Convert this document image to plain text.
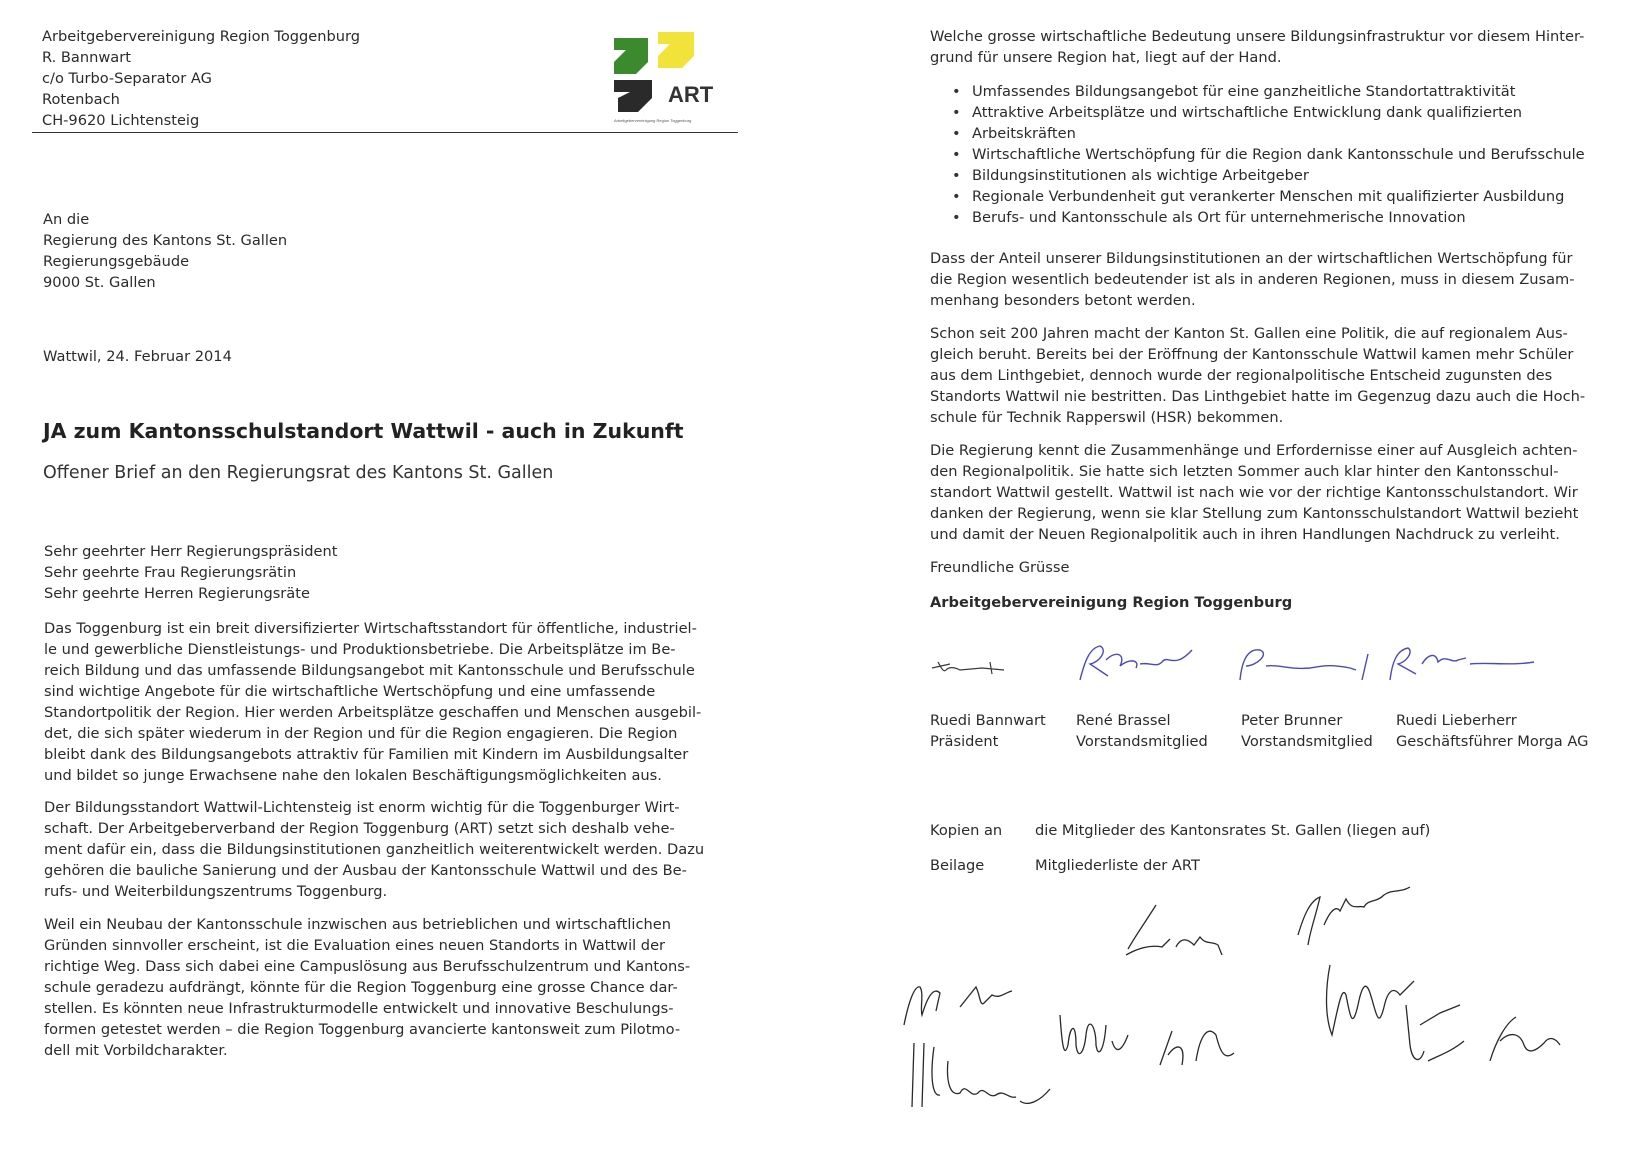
Arbeitgebervereinigung Region Toggenburg

R. Bannwart

c/o Turbo-Separator AG

Rotenbach

CH-9620 Lichtensteig

ART
Arbeitgebervereinigung Region Toggenburg

An die

Regierung des Kantons St. Gallen

Regierungsgebäude

9000 St. Gallen

Wattwil, 24. Februar 2014

JA zum Kantonsschulstandort Wattwil - auch in Zukunft

Offener Brief an den Regierungsrat des Kantons St. Gallen

Sehr geehrter Herr Regierungspräsident

Sehr geehrte Frau Regierungsrätin

Sehr geehrte Herren Regierungsräte

Das Toggenburg ist ein breit diversifizierter Wirtschaftsstandort für öffentliche, industriel-

le und gewerbliche Dienstleistungs- und Produktionsbetriebe. Die Arbeitsplätze im Be-

reich Bildung und das umfassende Bildungsangebot mit Kantonsschule und Berufsschule

sind wichtige Angebote für die wirtschaftliche Wertschöpfung und eine umfassende

Standortpolitik der Region. Hier werden Arbeitsplätze geschaffen und Menschen ausgebil-

det, die sich später wiederum in der Region und für die Region engagieren. Die Region

bleibt dank des Bildungsangebots attraktiv für Familien mit Kindern im Ausbildungsalter

und bildet so junge Erwachsene nahe den lokalen Beschäftigungsmöglichkeiten aus.

Der Bildungsstandort Wattwil-Lichtensteig ist enorm wichtig für die Toggenburger Wirt-

schaft. Der Arbeitgeberverband der Region Toggenburg (ART) setzt sich deshalb vehe-

ment dafür ein, dass die Bildungsinstitutionen ganzheitlich weiterentwickelt werden. Dazu

gehören die bauliche Sanierung und der Ausbau der Kantonsschule Wattwil und des Be-

rufs- und Weiterbildungszentrums Toggenburg.

Weil ein Neubau der Kantonsschule inzwischen aus betrieblichen und wirtschaftlichen

Gründen sinnvoller erscheint, ist die Evaluation eines neuen Standorts in Wattwil der

richtige Weg. Dass sich dabei eine Campuslösung aus Berufsschulzentrum und Kantons-

schule geradezu aufdrängt, könnte für die Region Toggenburg eine grosse Chance dar-

stellen. Es könnten neue Infrastrukturmodelle entwickelt und innovative Beschulungs-

formen getestet werden – die Region Toggenburg avancierte kantonsweit zum Pilotmo-

dell mit Vorbildcharakter.

Welche grosse wirtschaftliche Bedeutung unsere Bildungsinfrastruktur vor diesem Hinter-

grund für unsere Region hat, liegt auf der Hand.

• Umfassendes Bildungsangebot für eine ganzheitliche Standortattraktivität
• Attraktive Arbeitsplätze und wirtschaftliche Entwicklung dank qualifizierten
• Arbeitskräften
• Wirtschaftliche Wertschöpfung für die Region dank Kantonsschule und Berufsschule
• Bildungsinstitutionen als wichtige Arbeitgeber
• Regionale Verbundenheit gut verankerter Menschen mit qualifizierter Ausbildung
• Berufs- und Kantonsschule als Ort für unternehmerische Innovation

Dass der Anteil unserer Bildungsinstitutionen an der wirtschaftlichen Wertschöpfung für

die Region wesentlich bedeutender ist als in anderen Regionen, muss in diesem Zusam-

menhang besonders betont werden.

Schon seit 200 Jahren macht der Kanton St. Gallen eine Politik, die auf regionalem Aus-

gleich beruht. Bereits bei der Eröffnung der Kantonsschule Wattwil kamen mehr Schüler

aus dem Linthgebiet, dennoch wurde der regionalpolitische Entscheid zugunsten des

Standorts Wattwil nie bestritten. Das Linthgebiet hatte im Gegenzug dazu auch die Hoch-

schule für Technik Rapperswil (HSR) bekommen.

Die Regierung kennt die Zusammenhänge und Erfordernisse einer auf Ausgleich achten-

den Regionalpolitik. Sie hatte sich letzten Sommer auch klar hinter den Kantonsschul-

standort Wattwil gestellt. Wattwil ist nach wie vor der richtige Kantonsschulstandort. Wir

danken der Regierung, wenn sie klar Stellung zum Kantonsschulstandort Wattwil bezieht

und damit der Neuen Regionalpolitik auch in ihren Handlungen Nachdruck zu verleiht.

Freundliche Grüsse

Arbeitgebervereinigung Region Toggenburg

Ruedi Bannwart

Präsident

René Brassel

Vorstandsmitglied

Peter Brunner

Vorstandsmitglied

Ruedi Lieberherr

Geschäftsführer Morga AG

Kopien an die Mitglieder des Kantonsrates St. Gallen (liegen auf)
Beilage	Mitgliederliste der ART
